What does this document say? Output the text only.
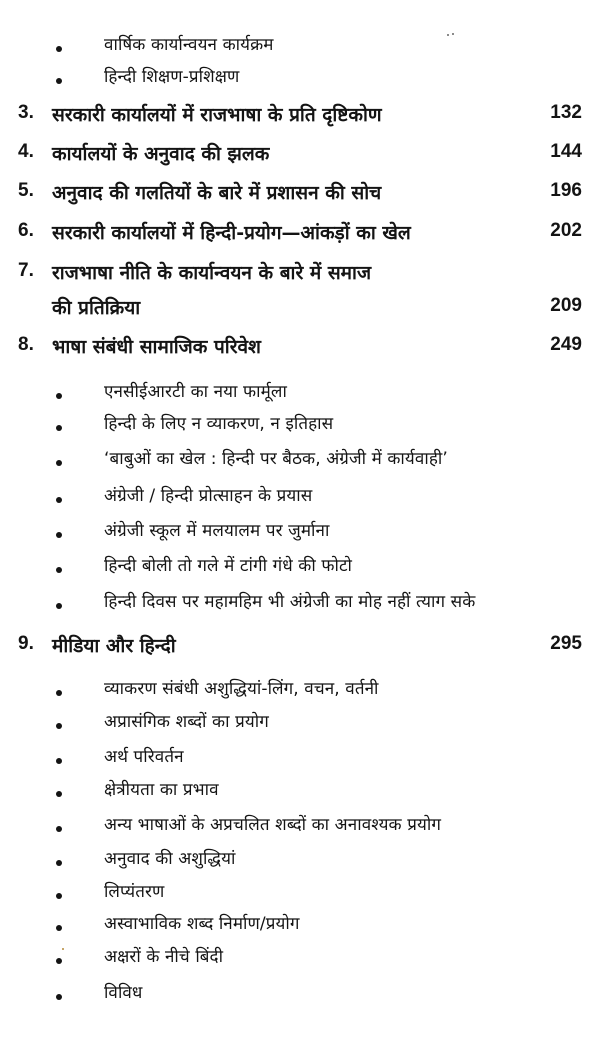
वार्षिक कार्यान्वयन कार्यक्रम
हिन्दी शिक्षण-प्रशिक्षण
3. सरकारी कार्यालयों में राजभाषा के प्रति दृष्टिकोण	132
4. कार्यालयों के अनुवाद की झलक	144
5. अनुवाद की गलतियों के बारे में प्रशासन की सोच	196
6. सरकारी कार्यालयों में हिन्दी-प्रयोग—आंकड़ों का खेल	202
7. राजभाषा नीति के कार्यान्वयन के बारे में समाज
की प्रतिक्रिया	209
8. भाषा संबंधी सामाजिक परिवेश	249
एनसीईआरटी का नया फार्मूला
हिन्दी के लिए न व्याकरण, न इतिहास
‘बाबुओं का खेल : हिन्दी पर बैठक, अंग्रेजी में कार्यवाही’
अंग्रेजी / हिन्दी प्रोत्साहन के प्रयास
अंग्रेजी स्कूल में मलयालम पर जुर्माना
हिन्दी बोली तो गले में टांगी गंधे की फोटो
हिन्दी दिवस पर महामहिम भी अंग्रेजी का मोह नहीं त्याग सके
9. मीडिया और हिन्दी	295
व्याकरण संबंधी अशुद्धियां-लिंग, वचन, वर्तनी
अप्रासंगिक शब्दों का प्रयोग
अर्थ परिवर्तन
क्षेत्रीयता का प्रभाव
अन्य भाषाओं के अप्रचलित शब्दों का अनावश्यक प्रयोग
अनुवाद की अशुद्धियां
लिप्यंतरण
अस्वाभाविक शब्द निर्माण/प्रयोग
अक्षरों के नीचे बिंदी
विविध
